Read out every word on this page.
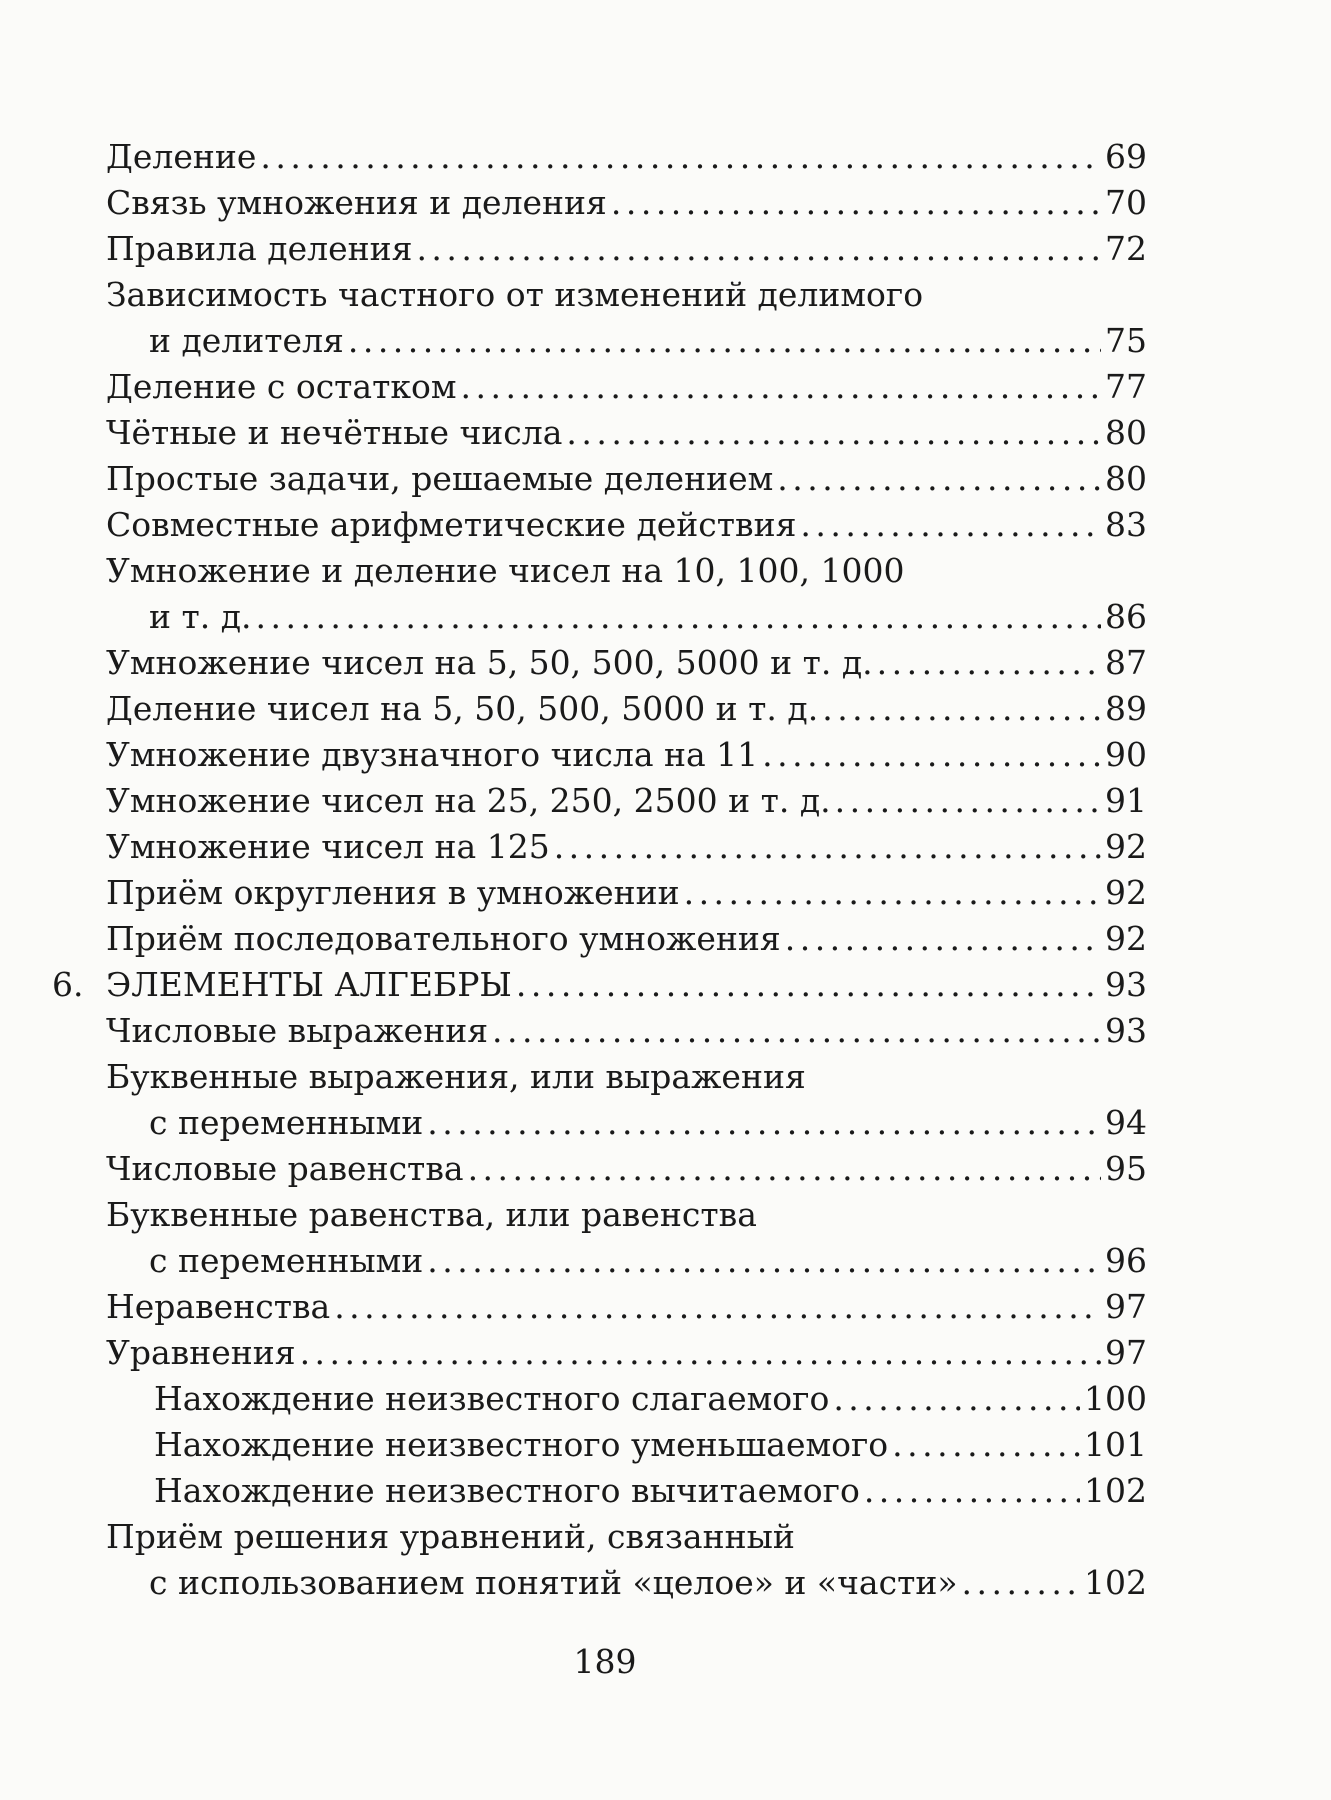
Деление . . .	69
Связь умножения и деления . . .	70
Правила деления . . .	72
Зависимость частного от изменений делимого
и делителя . . .	75
Деление с остатком . . .	77
Чётные и нечётные числа . . .	80
Простые задачи, решаемые делением . . .	80
Совместные арифметические действия . . .	83
Умножение и деление чисел на 10, 100, 1000
и т. д. . . .	86
Умножение чисел на 5, 50, 500, 5000 и т. д. . . .	87
Деление чисел на 5, 50, 500, 5000 и т. д. . . .	89
Умножение двузначного числа на 11 . . .	90
Умножение чисел на 25, 250, 2500 и т. д. . . .	91
Умножение чисел на 125 . . .	92
Приём округления в умножении . . .	92
Приём последовательного умножения . . .	92
6. ЭЛЕМЕНТЫ АЛГЕБРЫ . . .	93
Числовые выражения . . .	93
Буквенные выражения, или выражения
с переменными . . .	94
Числовые равенства . . .	95
Буквенные равенства, или равенства
с переменными . . .	96
Неравенства . . .	97
Уравнения . . .	97
Нахождение неизвестного слагаемого . . .	100
Нахождение неизвестного уменьшаемого . . .	101
Нахождение неизвестного вычитаемого . . .	102
Приём решения уравнений, связанный
с использованием понятий «целое» и «части» . . .	102
189
